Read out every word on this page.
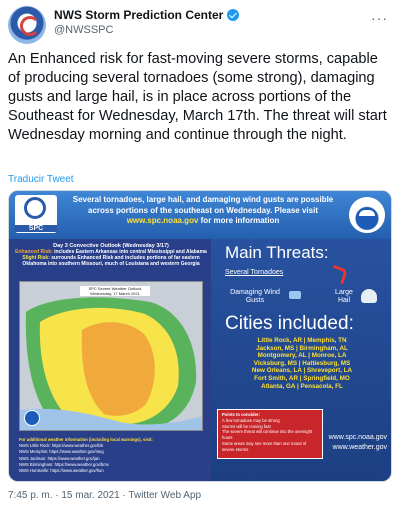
NWS Storm Prediction Center
@NWSSPC
···
An Enhanced risk for fast-moving severe storms, capable of producing several tornadoes (some strong), damaging gusts and large hail, is in place across portions of the Southeast for Wednesday, March 17th. The threat will start Wednesday morning and continue through the night.
Traducir Tweet
SPC
Several tornadoes, large hail, and damaging wind gusts are possible across portions of the southeast on Wednesday. Please visit www.spc.noaa.gov for more information
Day 3 Convective Outlook (Wednesday 3/17)
Enhanced Risk: includes Eastern Arkansas into central Mississippi and Alabama
Slight Risk: surrounds Enhanced Risk and includes portions of far eastern Oklahoma into southern Missouri, much of Louisiana and western Georgia
SPC Severe Weather Outlook Wednesday, 17 March 2021
For additional weather information (including local warnings), visit:
NWS Little Rock: https://www.weather.gov/lzk
NWS Memphis: https://www.weather.gov/meg
NWS Jackson: https://www.weather.gov/jan
NWS Birmingham: https://www.weather.gov/bmx
NWS Huntsville: https://www.weather.gov/hun
Main Threats:
Several Tornadoes
Damaging Wind Gusts
Large Hail
Cities included:
Little Rock, AR | Memphis, TN
Jackson, MS | Birmingham, AL
Montgomery, AL | Monroe, LA
Vicksburg, MS | Hattiesburg, MS
New Orleans, LA | Shreveport, LA
Fort Smith, AR | Springfield, MO
Atlanta, GA | Pensacola, FL
Points to consider:
A few tornadoes may be strong
Storms will be moving fast
The severe threat will continue into the overnight hours
Some areas may see more than one round of severe storms
www.spc.noaa.gov
www.weather.gov
7:45 p. m. · 15 mar. 2021 · Twitter Web App
